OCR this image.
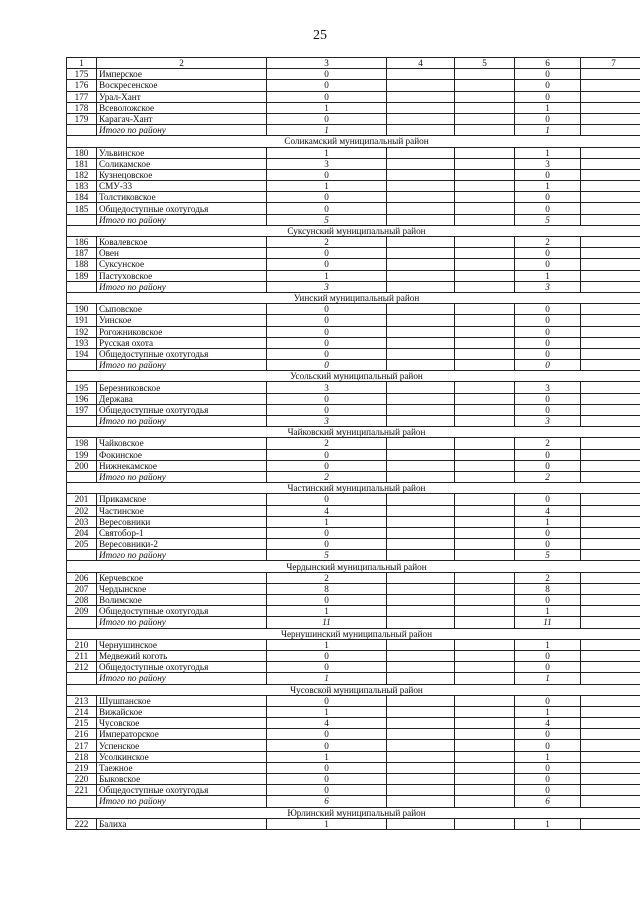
25
1	2	3	4	5	6	7
175	Имперское	0			0	
176	Воскресенское	0			0	
177	Урал-Хант	0			0	
178	Всеволожское	1			1	
179	Карагач-Хант	0			0	
	Итого по району	1			1	
Соликамский муниципальный район						
180	Ульвинское	1			1	
181	Соликамское	3			3	
182	Кузнецовское	0			0	
183	СМУ-33	1			1	
184	Толстиковское	0			0	
185	Общедоступные охотугодья	0			0	
	Итого по району	5			5	
Суксунский муниципальный район						
186	Ковалевское	2			2	
187	Овен	0			0	
188	Суксунское	0			0	
189	Пастуховское	1			1	
	Итого по району	3			3	
Уинский муниципальный район						
190	Сыповское	0			0	
191	Уинское	0			0	
192	Рогожниковское	0			0	
193	Русская охота	0			0	
194	Общедоступные охотугодья	0			0	
	Итого по району	0			0	
Усольский муниципальный район						
195	Березниковское	3			3	
196	Держава	0			0	
197	Общедоступные охотугодья	0			0	
	Итого по району	3			3	
Чайковский муниципальный район						
198	Чайковское	2			2	
199	Фокинское	0			0	
200	Нижнекамское	0			0	
	Итого по району	2			2	
Частинский муниципальный район						
201	Прикамское	0			0	
202	Частинское	4			4	
203	Вересовники	1			1	
204	Святобор-1	0			0	
205	Вересовники-2	0			0	
	Итого по району	5			5	
Чердынский муниципальный район						
206	Керчевское	2			2	
207	Чердынское	8			8	
208	Волимское	0			0	
209	Общедоступные охотугодья	1			1	
	Итого по району	11			11	
Чернушинский муниципальный район						
210	Чернушинское	1			1	
211	Медвежий коготь	0			0	
212	Общедоступные охотугодья	0			0	
	Итого по району	1			1	
Чусовской муниципальный район						
213	Шушпанское	0			0	
214	Вижайское	1			1	
215	Чусовское	4			4	
216	Императорское	0			0	
217	Успенское	0			0	
218	Усолкинское	1			1	
219	Таежное	0			0	
220	Быковское	0			0	
221	Общедоступные охотугодья	0			0	
	Итого по району	6			6	
Юрлинский муниципальный район						
222	Балиха	1			1	
